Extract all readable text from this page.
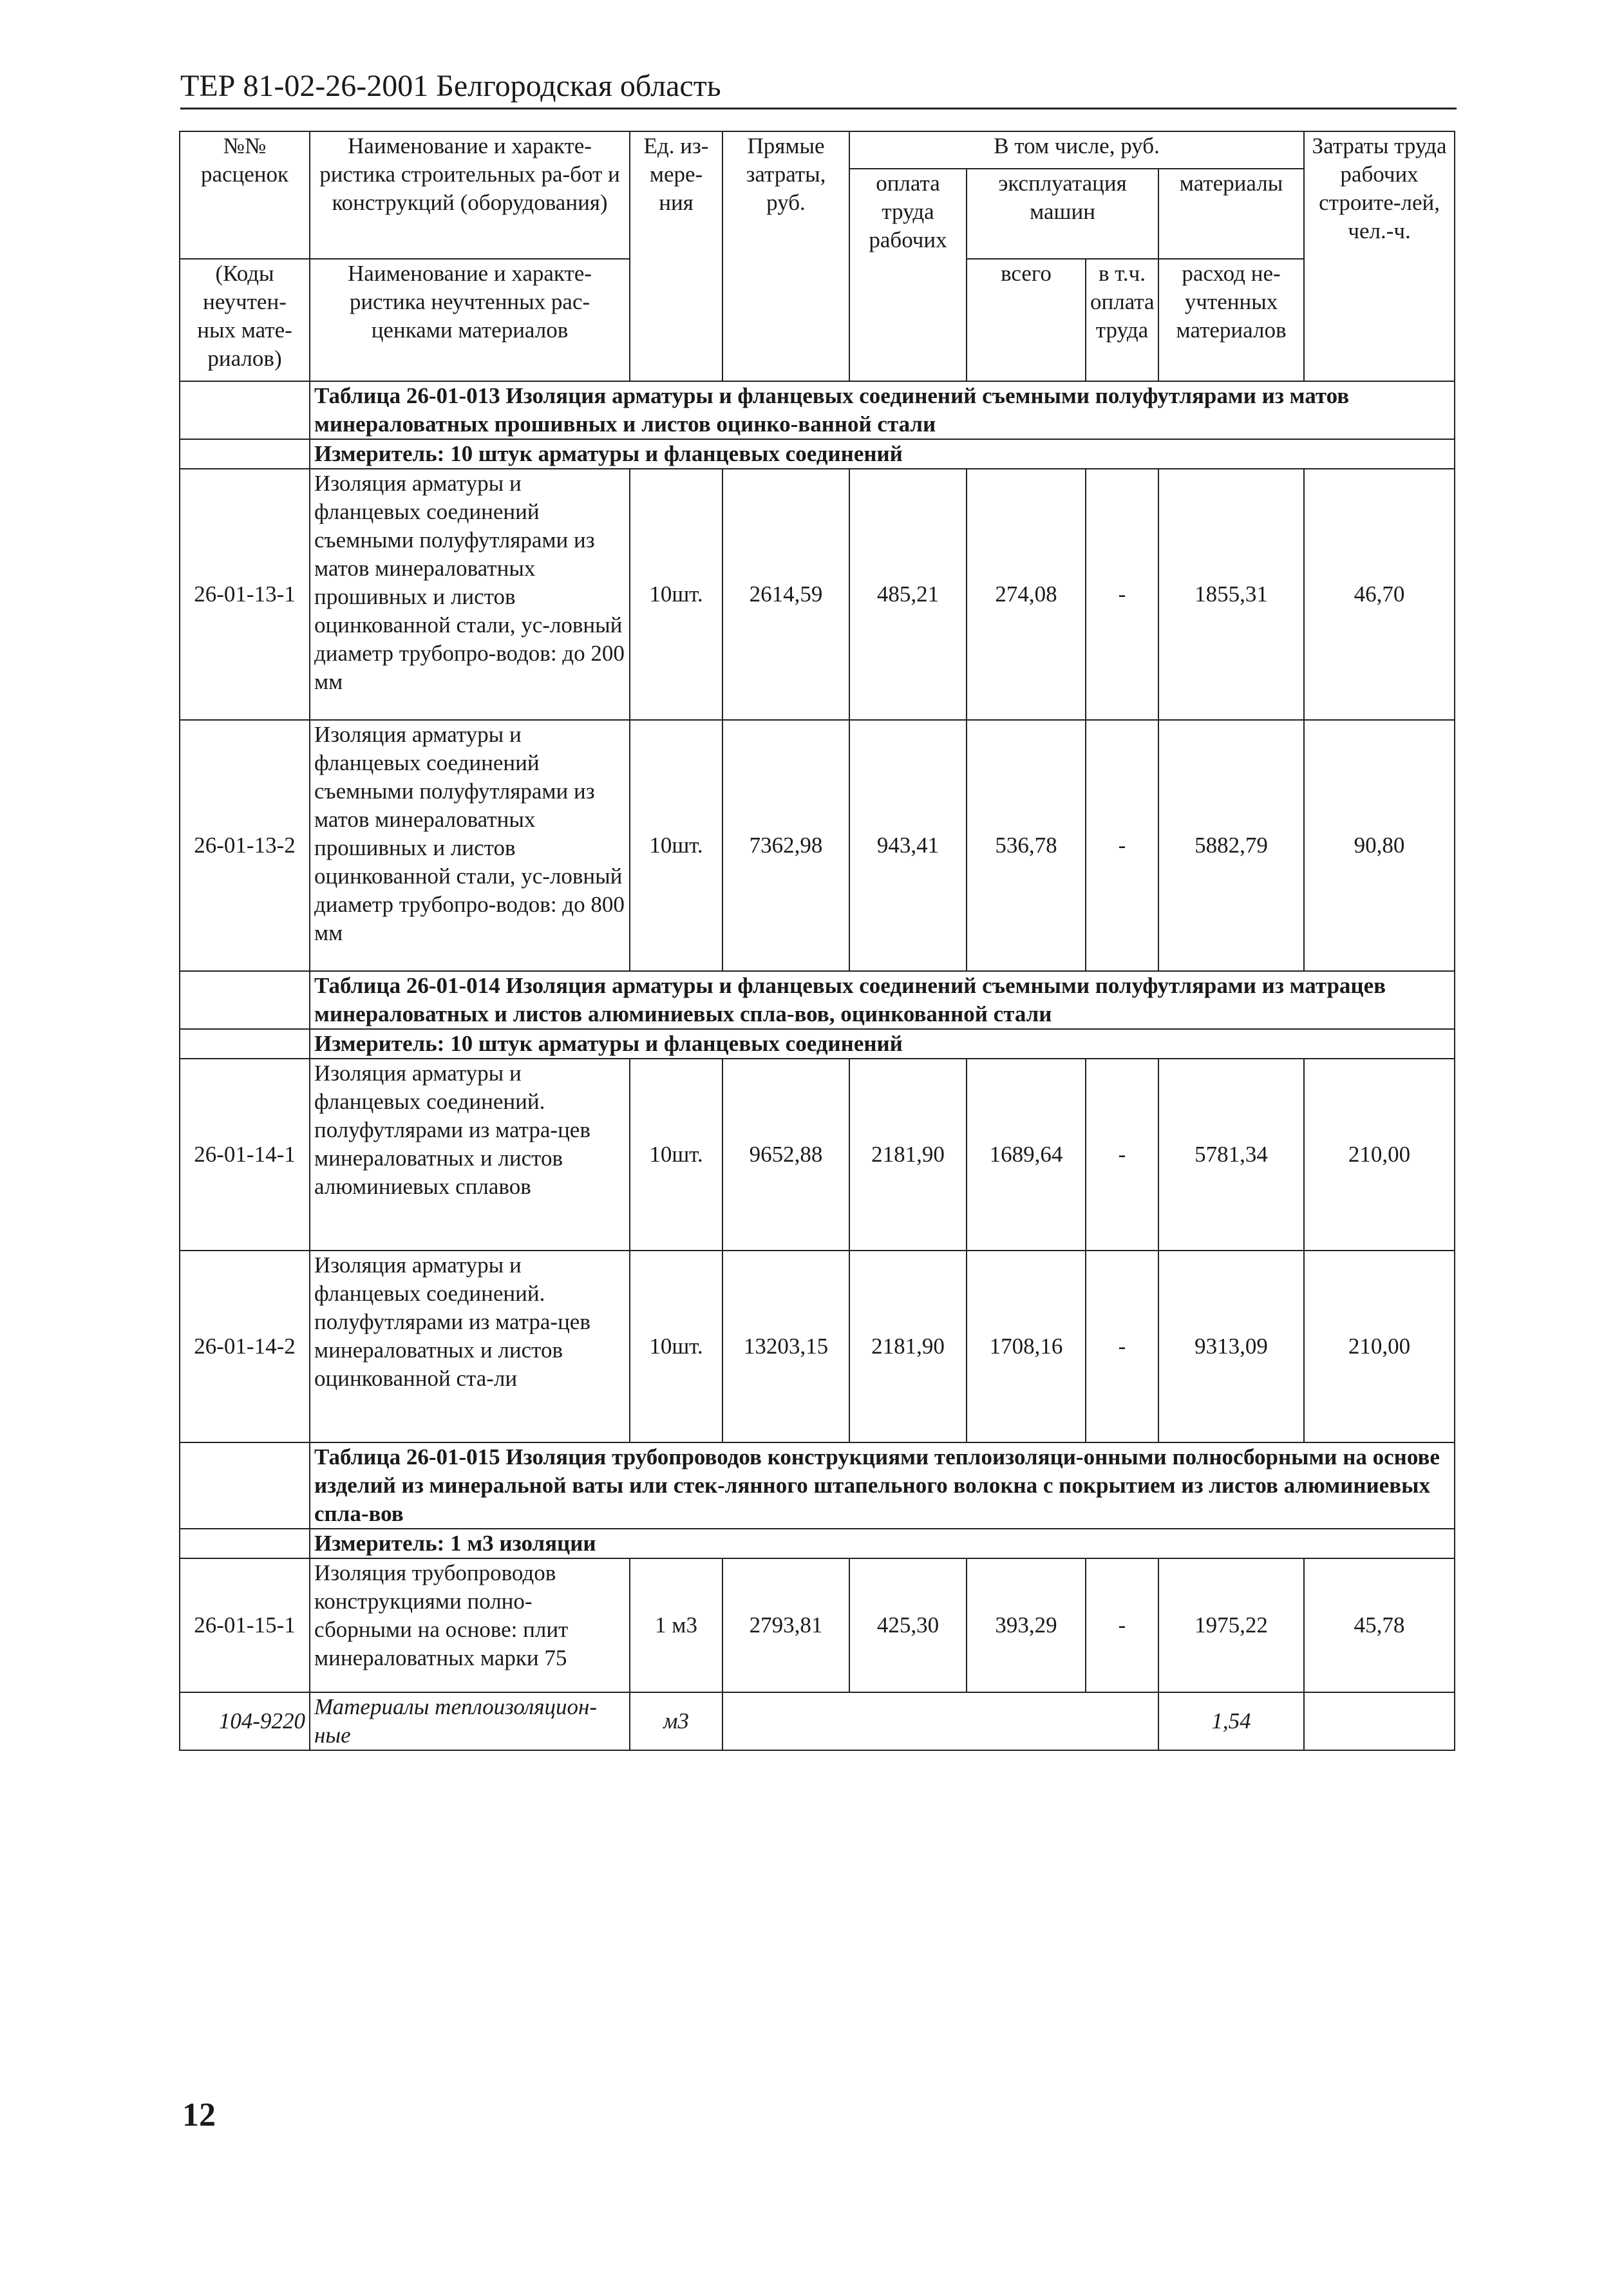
ТЕР 81-02-26-2001 Белгородская область
№№ расценок	Наименование и характе-ристика строительных ра-бот и конструкций (оборудования)	Ед. из-мере-ния	Прямые затраты, руб.	В том числе, руб.				Затраты труда рабочих строите-лей, чел.-ч.

				оплата труда рабочих	эксплуатация машин		материалы	

(Коды неучтен-ных мате-риалов)	Наименование и характе-ристика неучтенных рас-ценками материалов				всего	в т.ч. оплата труда	расход не-учтенных материалов	

	Таблица 26-01-013 Изоляция арматуры и фланцевых соединений съемными полуфутлярами из матов минераловатных прошивных и листов оцинко-ванной стали							
	Измеритель: 10 штук арматуры и фланцевых соединений							
26-01-13-1	Изоляция арматуры и фланцевых соединений съемными полуфутлярами из матов минераловатных прошивных и листов оцинкованной стали, ус-ловный диаметр трубопро-водов: до 200 мм	10шт.	2614,59	485,21	274,08	-	1855,31	46,70
26-01-13-2	Изоляция арматуры и фланцевых соединений съемными полуфутлярами из матов минераловатных прошивных и листов оцинкованной стали, ус-ловный диаметр трубопро-водов: до 800 мм	10шт.	7362,98	943,41	536,78	-	5882,79	90,80
	Таблица 26-01-014 Изоляция арматуры и фланцевых соединений съемными полуфутлярами из матрацев минераловатных и листов алюминиевых спла-вов, оцинкованной стали							
	Измеритель: 10 штук арматуры и фланцевых соединений							
26-01-14-1	Изоляция арматуры и фланцевых соединений. полуфутлярами из матра-цев минераловатных и листов алюминиевых сплавов	10шт.	9652,88	2181,90	1689,64	-	5781,34	210,00
26-01-14-2	Изоляция арматуры и фланцевых соединений. полуфутлярами из матра-цев минераловатных и листов оцинкованной ста-ли	10шт.	13203,15	2181,90	1708,16	-	9313,09	210,00
	Таблица 26-01-015 Изоляция трубопроводов конструкциями теплоизоляци-онными полносборными на основе изделий из минеральной ваты или стек-лянного штапельного волокна с покрытием из листов алюминиевых спла-вов							
	Измеритель: 1 м3 изоляции							
26-01-15-1	Изоляция трубопроводов конструкциями полно-сборными на основе: плит минераловатных марки 75	1 м3	2793,81	425,30	393,29	-	1975,22	45,78
104-9220	Материалы теплоизоляцион-ные	м3					1,54	
12
